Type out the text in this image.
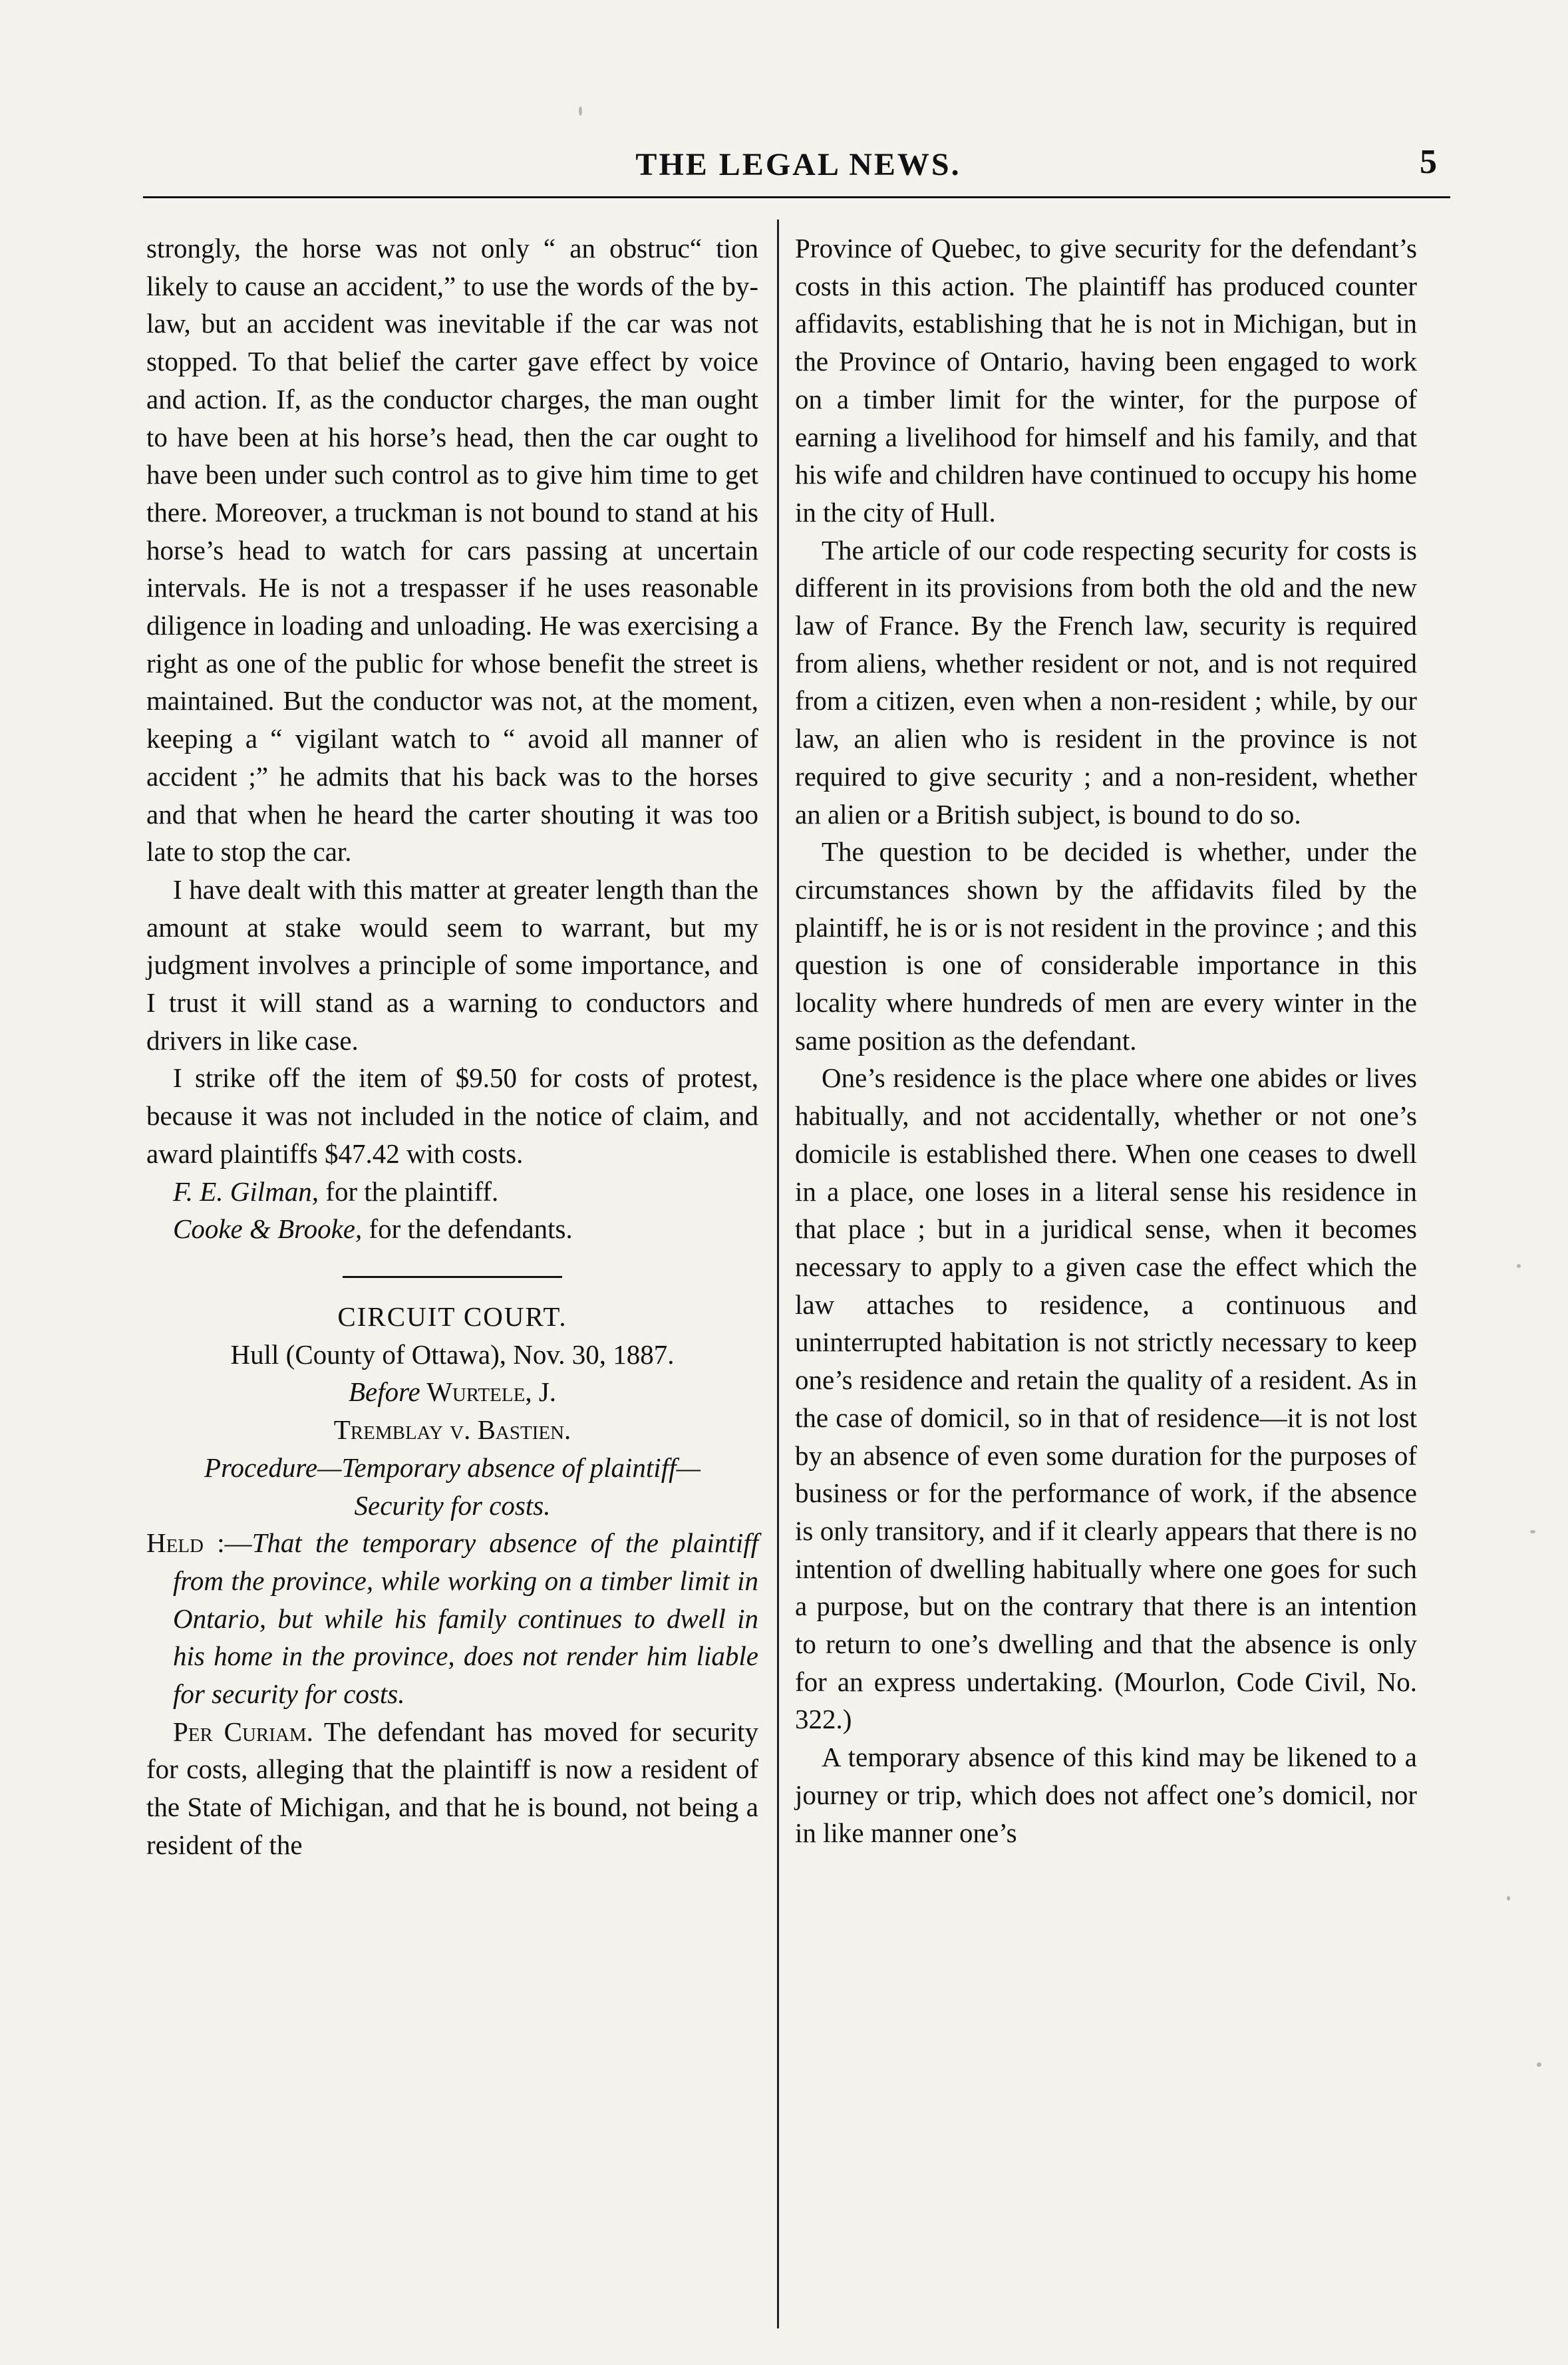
THE LEGAL NEWS.	5

strongly, the horse was not only “ an obstruc“ tion likely to cause an accident,” to use the words of the by-law, but an accident was inevitable if the car was not stopped. To that belief the carter gave effect by voice and action. If, as the conductor charges, the man ought to have been at his horse’s head, then the car ought to have been under such control as to give him time to get there. Moreover, a truckman is not bound to stand at his horse’s head to watch for cars passing at uncertain intervals. He is not a trespasser if he uses reasonable diligence in loading and unloading. He was exercising a right as one of the public for whose benefit the street is maintained. But the conductor was not, at the moment, keeping a “ vigilant watch to “ avoid all manner of accident ;” he admits that his back was to the horses and that when he heard the carter shouting it was too late to stop the car.

I have dealt with this matter at greater length than the amount at stake would seem to warrant, but my judgment involves a principle of some importance, and I trust it will stand as a warning to conductors and drivers in like case.

I strike off the item of $9.50 for costs of protest, because it was not included in the notice of claim, and award plaintiffs $47.42 with costs.

F. E. Gilman, for the plaintiff.

Cooke & Brooke, for the defendants.

CIRCUIT COURT.

Hull (County of Ottawa), Nov. 30, 1887.

Before Wurtele, J.

Tremblay v. Bastien.

Procedure—Temporary absence of plaintiff—
Security for costs.

Held :—That the temporary absence of the plaintiff from the province, while working on a timber limit in Ontario, but while his family continues to dwell in his home in the province, does not render him liable for security for costs.

Per Curiam. The defendant has moved for security for costs, alleging that the plaintiff is now a resident of the State of Michigan, and that he is bound, not being a resident of the

Province of Quebec, to give security for the defendant’s costs in this action. The plaintiff has produced counter affidavits, establishing that he is not in Michigan, but in the Province of Ontario, having been engaged to work on a timber limit for the winter, for the purpose of earning a livelihood for himself and his family, and that his wife and children have continued to occupy his home in the city of Hull.

The article of our code respecting security for costs is different in its provisions from both the old and the new law of France. By the French law, security is required from aliens, whether resident or not, and is not required from a citizen, even when a non-resident ; while, by our law, an alien who is resident in the province is not required to give security ; and a non-resident, whether an alien or a British subject, is bound to do so.

The question to be decided is whether, under the circumstances shown by the affidavits filed by the plaintiff, he is or is not resident in the province ; and this question is one of considerable importance in this locality where hundreds of men are every winter in the same position as the defendant.

One’s residence is the place where one abides or lives habitually, and not accidentally, whether or not one’s domicile is established there. When one ceases to dwell in a place, one loses in a literal sense his residence in that place ; but in a juridical sense, when it becomes necessary to apply to a given case the effect which the law attaches to residence, a continuous and uninterrupted habitation is not strictly necessary to keep one’s residence and retain the quality of a resident. As in the case of domicil, so in that of residence—it is not lost by an absence of even some duration for the purposes of business or for the performance of work, if the absence is only transitory, and if it clearly appears that there is no intention of dwelling habitually where one goes for such a purpose, but on the contrary that there is an intention to return to one’s dwelling and that the absence is only for an express undertaking. (Mourlon, Code Civil, No. 322.)

A temporary absence of this kind may be likened to a journey or trip, which does not affect one’s domicil, nor in like manner one’s
